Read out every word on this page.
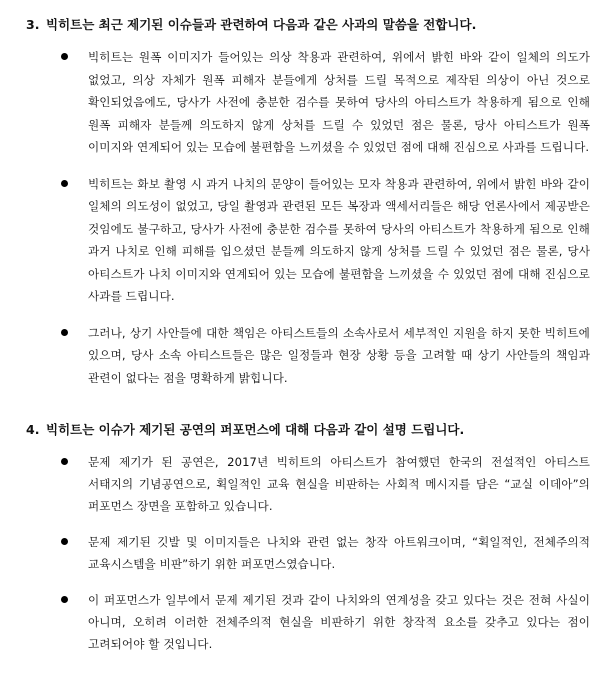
3. 빅히트는 최근 제기된 이슈들과 관련하여 다음과 같은 사과의 말씀을 전합니다.
빅히트는 원폭 이미지가 들어있는 의상 착용과 관련하여, 위에서 밝힌 바와 같이 일체의 의도가 없었고, 의상 자체가 원폭 피해자 분들에게 상처를 드릴 목적으로 제작된 의상이 아닌 것으로 확인되었음에도, 당사가 사전에 충분한 검수를 못하여 당사의 아티스트가 착용하게 됨으로 인해 원폭 피해자 분들께 의도하지 않게 상처를 드릴 수 있었던 점은 물론, 당사 아티스트가 원폭 이미지와 연계되어 있는 모습에 불편함을 느끼셨을 수 있었던 점에 대해 진심으로 사과를 드립니다.
빅히트는 화보 촬영 시 과거 나치의 문양이 들어있는 모자 착용과 관련하여, 위에서 밝힌 바와 같이 일체의 의도성이 없었고, 당일 촬영과 관련된 모든 복장과 액세서리들은 해당 언론사에서 제공받은 것임에도 불구하고, 당사가 사전에 충분한 검수를 못하여 당사의 아티스트가 착용하게 됨으로 인해 과거 나치로 인해 피해를 입으셨던 분들께 의도하지 않게 상처를 드릴 수 있었던 점은 물론, 당사 아티스트가 나치 이미지와 연계되어 있는 모습에 불편함을 느끼셨을 수 있었던 점에 대해 진심으로 사과를 드립니다.
그러나, 상기 사안들에 대한 책임은 아티스트들의 소속사로서 세부적인 지원을 하지 못한 빅히트에 있으며, 당사 소속 아티스트들은 많은 일정들과 현장 상황 등을 고려할 때 상기 사안들의 책임과 관련이 없다는 점을 명확하게 밝힙니다.
4. 빅히트는 이슈가 제기된 공연의 퍼포먼스에 대해 다음과 같이 설명 드립니다.
문제 제기가 된 공연은, 2017년 빅히트의 아티스트가 참여했던 한국의 전설적인 아티스트 서태지의 기념공연으로, 획일적인 교육 현실을 비판하는 사회적 메시지를 담은 “교실 이데아”의 퍼포먼스 장면을 포함하고 있습니다.
문제 제기된 깃발 및 이미지들은 나치와 관련 없는 창작 아트워크이며, “획일적인, 전체주의적 교육시스템을 비판”하기 위한 퍼포먼스였습니다.
이 퍼포먼스가 일부에서 문제 제기된 것과 같이 나치와의 연계성을 갖고 있다는 것은 전혀 사실이 아니며, 오히려 이러한 전체주의적 현실을 비판하기 위한 창작적 요소를 갖추고 있다는 점이 고려되어야 할 것입니다.
